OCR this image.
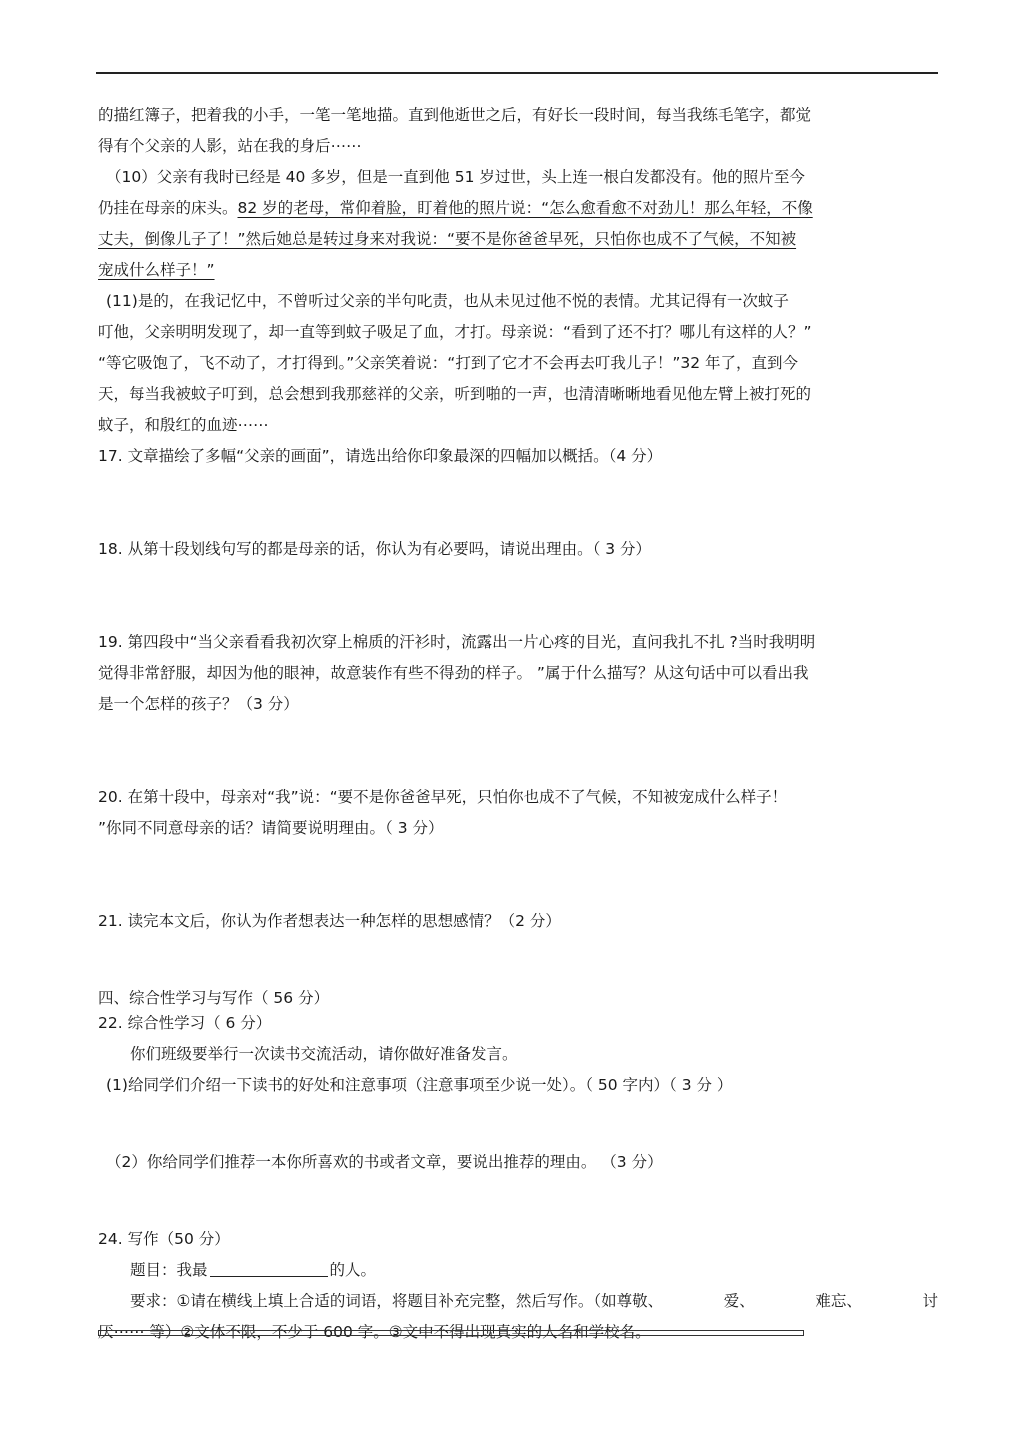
的描红簿子，把着我的小手，一笔一笔地描。直到他逝世之后，有好长一段时间，每当我练毛笔字，都觉

得有个父亲的人影，站在我的身后⋯⋯

（10）父亲有我时已经是 40 多岁，但是一直到他 51 岁过世，头上连一根白发都没有。他的照片至今

仍挂在母亲的床头。82 岁的老母，常仰着脸，盯着他的照片说：“怎么愈看愈不对劲儿！那么年轻，不像

丈夫，倒像儿子了！”然后她总是转过身来对我说：“要不是你爸爸早死，只怕你也成不了气候，不知被

宠成什么样子！”

(11)是的，在我记忆中，不曾听过父亲的半句叱责，也从未见过他不悦的表情。尤其记得有一次蚊子

叮他，父亲明明发现了，却一直等到蚊子吸足了血，才打。母亲说：“看到了还不打？哪儿有这样的人？”

“等它吸饱了，飞不动了，才打得到。”父亲笑着说：“打到了它才不会再去叮我儿子！”32 年了，直到今

天，每当我被蚊子叮到，总会想到我那慈祥的父亲，听到啪的一声，也清清晰晰地看见他左臂上被打死的

蚊子，和殷红的血迹⋯⋯

17. 文章描绘了多幅“父亲的画面”，请选出给你印象最深的四幅加以概括。（4 分）

18. 从第十段划线句写的都是母亲的话，你认为有必要吗，请说出理由。（ 3 分）

19. 第四段中“当父亲看看我初次穿上棉质的汗衫时，流露出一片心疼的目光，直问我扎不扎 ?当时我明明

觉得非常舒服，却因为他的眼神，故意装作有些不得劲的样子。 ”属于什么描写？从这句话中可以看出我

是一个怎样的孩子？（3 分）

20. 在第十段中，母亲对“我”说：“要不是你爸爸早死，只怕你也成不了气候，不知被宠成什么样子！

”你同不同意母亲的话？请简要说明理由。（ 3 分）

21. 读完本文后，你认为作者想表达一种怎样的思想感情？（2 分）

四、综合性学习与写作（ 56 分）

22. 综合性学习（ 6 分）

你们班级要举行一次读书交流活动，请你做好准备发言。

(1)给同学们介绍一下读书的好处和注意事项（注意事项至少说一处）。（ 50 字内）（ 3 分 ）

（2）你给同学们推荐一本你所喜欢的书或者文章，要说出推荐的理由。 （3 分）

24. 写作（50 分）

题目：我最	的人。

要求：①请在横线上填上合适的词语，将题目补充完整，然后写作。（如尊敬、	爱、	难忘、	讨

厌⋯⋯ 等）②文体不限，不少于 600 字。③文中不得出现真实的人名和学校名。
